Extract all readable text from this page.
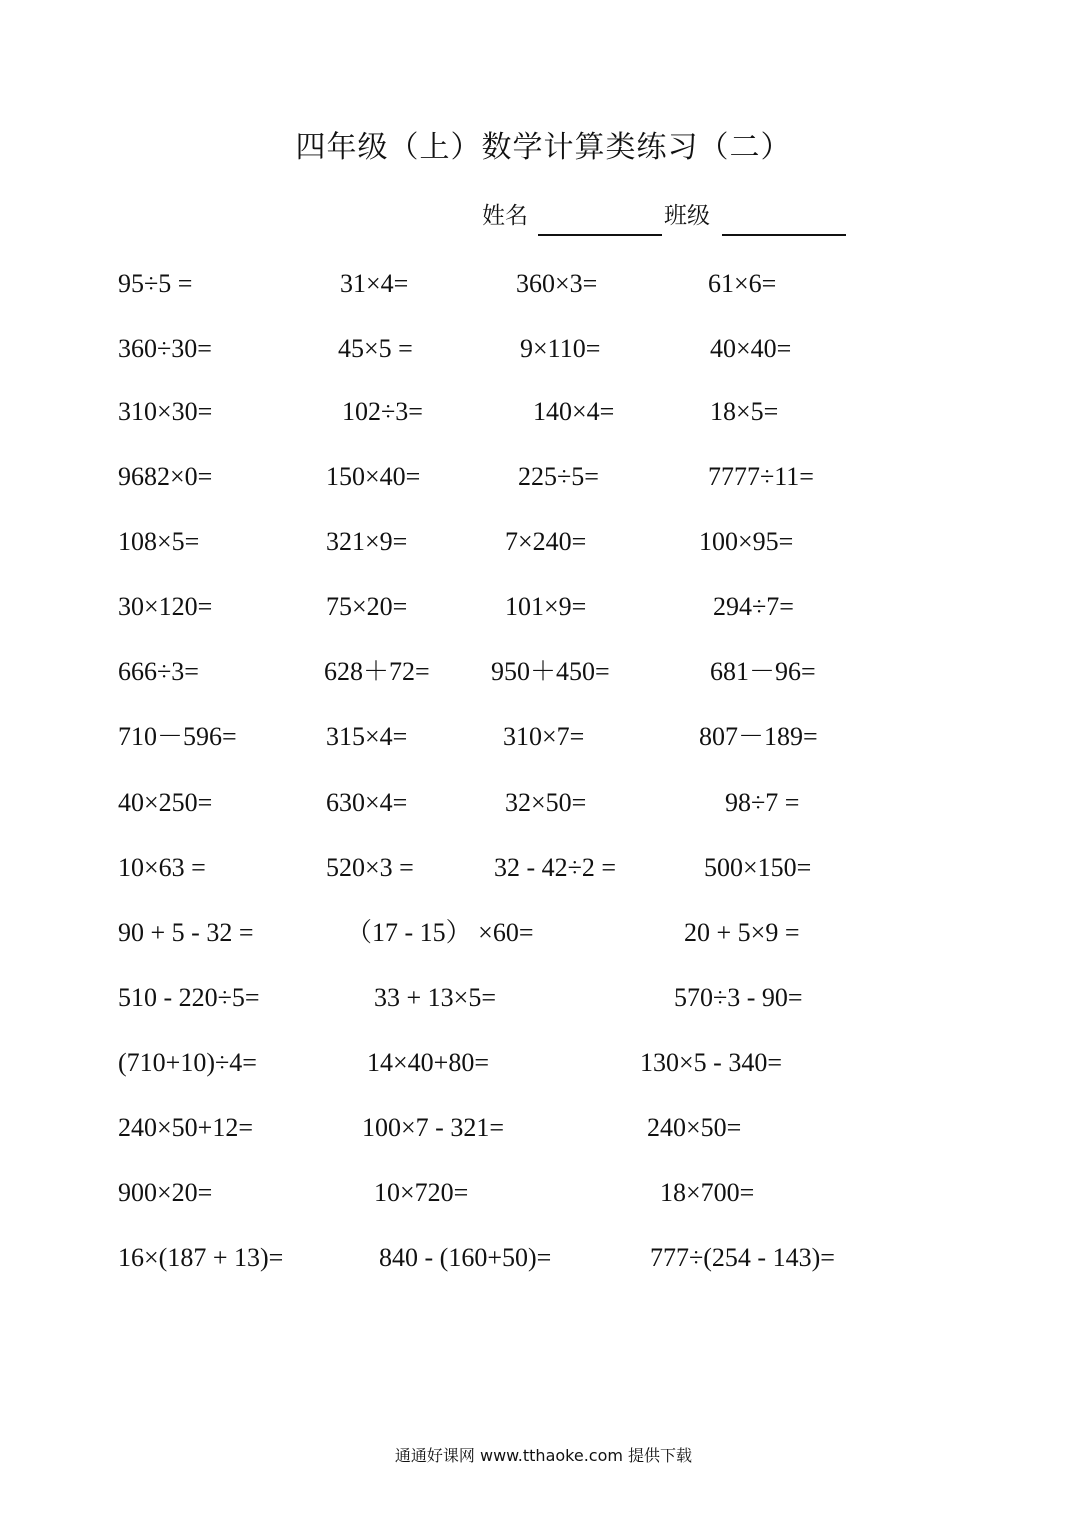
四年级（上）数学计算类练习（二）
姓名	班级
95÷5 =	31×4=	360×3=	61×6=
360÷30=	45×5 =	9×110=	40×40=
310×30=	102÷3=	140×4=	18×5=
9682×0=	150×40=	225÷5=	7777÷11=
108×5=	321×9=	7×240=	100×95=
30×120=	75×20=	101×9=	294÷7=
666÷3=	628＋72= 950＋450=	681－96=
710－596=	315×4=	310×7=	807－189=
40×250=	630×4=	32×50=	98÷7 =
10×63 =	520×3 =	32 - 42÷2 =	500×150=
90 + 5 - 32 =	（17 - 15） ×60=	20 + 5×9 =
510 - 220÷5=	33 + 13×5=	570÷3 - 90=
(710+10)÷4=	14×40+80=	130×5 - 340=
240×50+12=	100×7 - 321=	240×50=
900×20=	10×720=	18×700=
16×(187 + 13)=	840 - (160+50)=	777÷(254 - 143)=
通通好课网 www.tthaoke.com 提供下载
